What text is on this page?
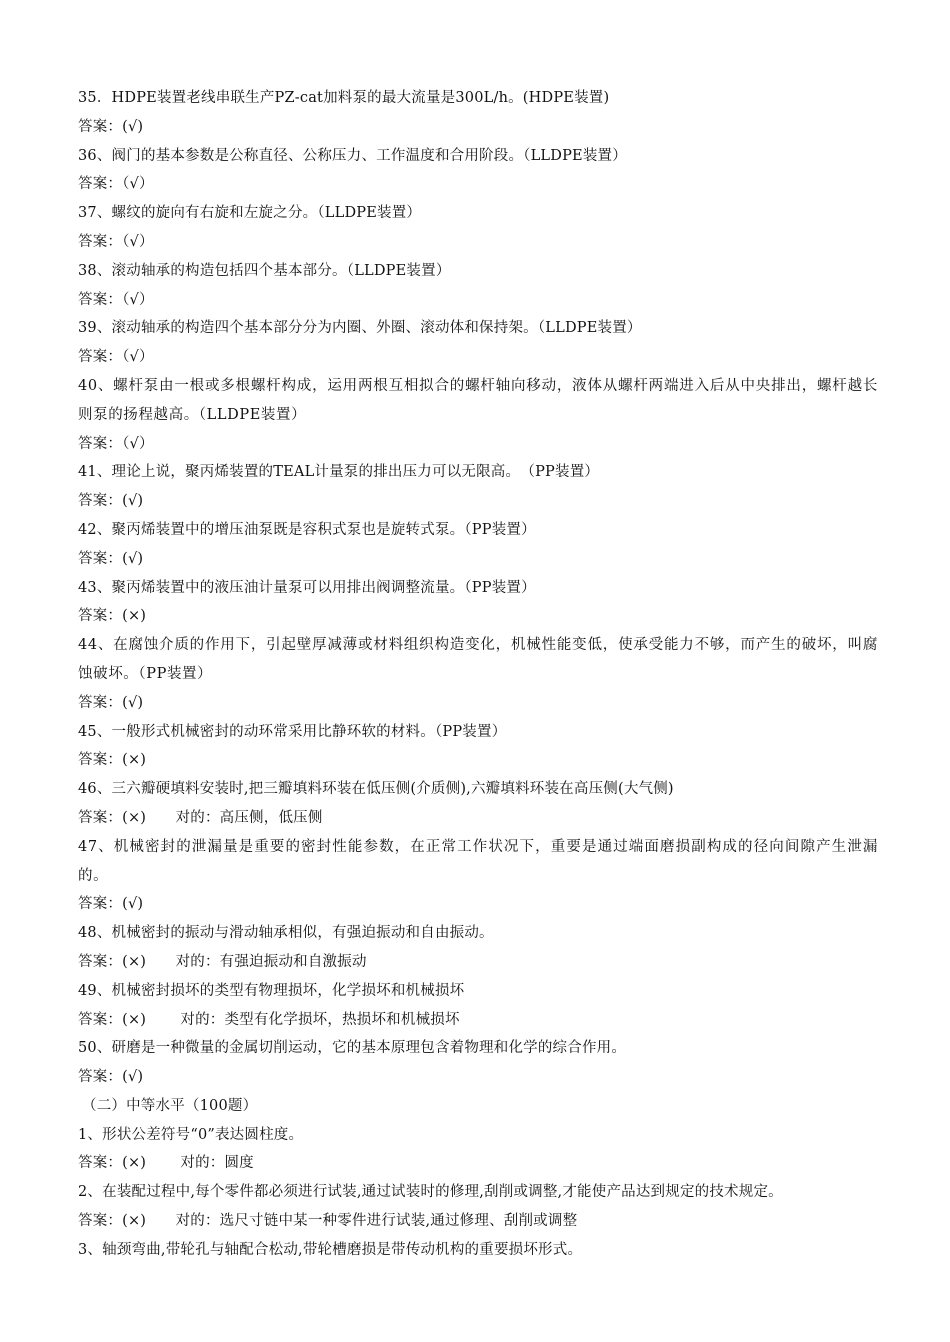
35．HDPE装置老线串联生产PZ-cat加料泵的最大流量是300L/h。(HDPE装置)
答案：(√)
36、阀门的基本参数是公称直径、公称压力、工作温度和合用阶段。（LLDPE装置）
答案：（√）
37、螺纹的旋向有右旋和左旋之分。（LLDPE装置）
答案：（√）
38、滚动轴承的构造包括四个基本部分。（LLDPE装置）
答案：（√）
39、滚动轴承的构造四个基本部分分为内圈、外圈、滚动体和保持架。（LLDPE装置）
答案：（√）
40、螺杆泵由一根或多根螺杆构成，运用两根互相拟合的螺杆轴向移动，液体从螺杆两端进入后从中央排出，螺杆越长则泵的扬程越高。（LLDPE装置）
答案：（√）
41、理论上说，聚丙烯装置的TEAL计量泵的排出压力可以无限高。　（PP装置）
答案：(√)
42、聚丙烯装置中的增压油泵既是容积式泵也是旋转式泵。（PP装置）
答案：(√)
43、聚丙烯装置中的液压油计量泵可以用排出阀调整流量。（PP装置）
答案：(×)
44、在腐蚀介质的作用下，引起壁厚减薄或材料组织构造变化，机械性能变低，使承受能力不够，而产生的破坏，叫腐蚀破坏。（PP装置）
答案：(√)
45、一般形式机械密封的动环常采用比静环软的材料。（PP装置）
答案：(×)
46、三六瓣硬填料安装时,把三瓣填料环装在低压侧(介质侧),六瓣填料环装在高压侧(大气侧)
答案：(×)　　对的：高压侧，低压侧
47、机械密封的泄漏量是重要的密封性能参数，在正常工作状况下，重要是通过端面磨损副构成的径向间隙产生泄漏的。
答案：(√)
48、机械密封的振动与滑动轴承相似，有强迫振动和自由振动。
答案：(×)　　对的：有强迫振动和自激振动
49、机械密封损坏的类型有物理损坏，化学损坏和机械损坏
答案：(×)　　 对的：类型有化学损坏，热损坏和机械损坏
50、研磨是一种微量的金属切削运动，它的基本原理包含着物理和化学的综合作用。
答案：(√)
（二）中等水平（100题）
1、形状公差符号“0”表达圆柱度。
答案：(×)　　 对的：圆度
2、在装配过程中,每个零件都必须进行试装,通过试装时的修理,刮削或调整,才能使产品达到规定的技术规定。
答案：(×)　　对的：选尺寸链中某一种零件进行试装,通过修理、刮削或调整
3、轴颈弯曲,带轮孔与轴配合松动,带轮槽磨损是带传动机构的重要损坏形式。
